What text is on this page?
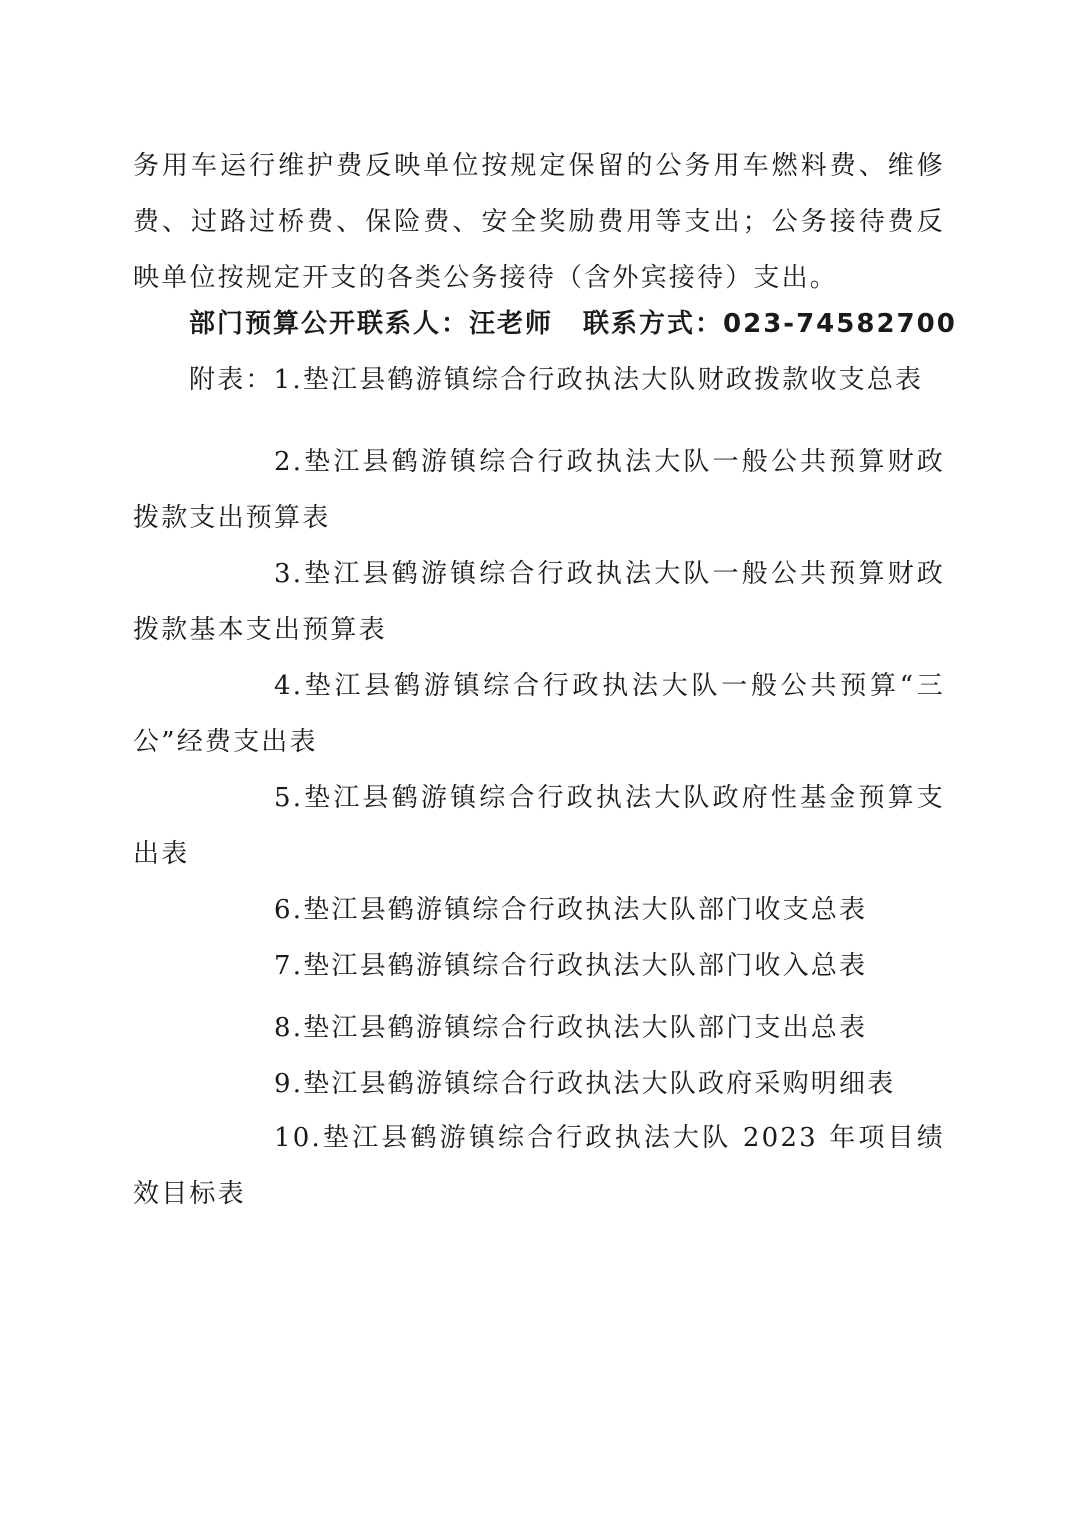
务用车运行维护费反映单位按规定保留的公务用车燃料费、维修费、过路过桥费、保险费、安全奖励费用等支出；公务接待费反映单位按规定开支的各类公务接待（含外宾接待）支出。

部门预算公开联系人：汪老师 联系方式：023-74582700
附表：1.垫江县鹤游镇综合行政执法大队财政拨款收支总表

2.垫江县鹤游镇综合行政执法大队一般公共预算财政拨款支出预算表

3.垫江县鹤游镇综合行政执法大队一般公共预算财政拨款基本支出预算表

4.垫江县鹤游镇综合行政执法大队一般公共预算“三公”经费支出表

5.垫江县鹤游镇综合行政执法大队政府性基金预算支出表

6.垫江县鹤游镇综合行政执法大队部门收支总表

7.垫江县鹤游镇综合行政执法大队部门收入总表

8.垫江县鹤游镇综合行政执法大队部门支出总表

9.垫江县鹤游镇综合行政执法大队政府采购明细表

10.垫江县鹤游镇综合行政执法大队 2023 年项目绩效目标表
